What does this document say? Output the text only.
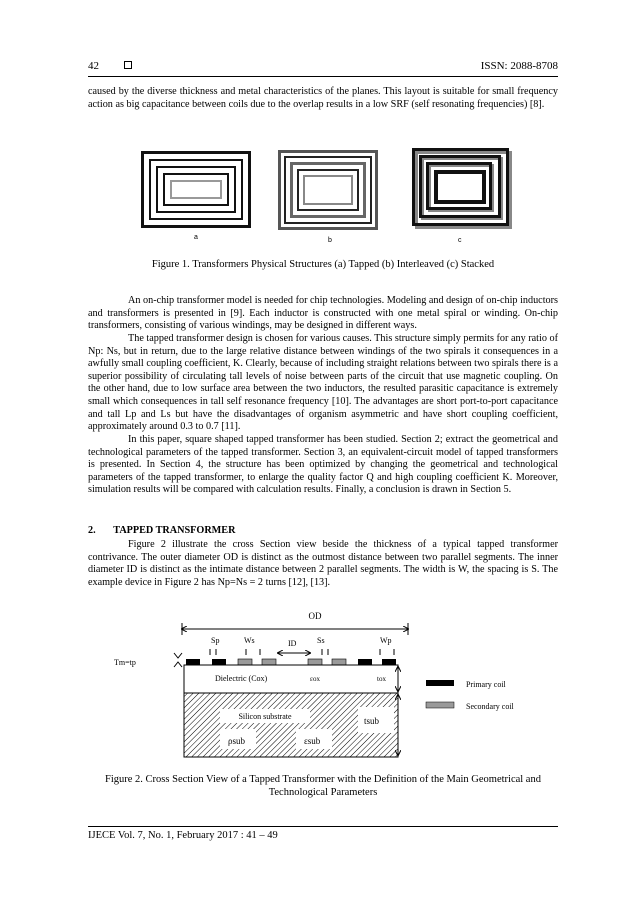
42	ISSN: 2088-8708

caused by the diverse thickness and metal characteristics of the planes. This layout is suitable for small frequency action as big capacitance between coils due to the overlap results in a low SRF (self resonating frequencies) [8].

a	b	c

Figure 1. Transformers Physical Structures (a) Tapped (b) Interleaved (c) Stacked

An on-chip transformer model is needed for chip technologies. Modeling and design of on-chip inductors and transformers is presented in [9]. Each inductor is constructed with one metal spiral or winding. On-chip transformers, consisting of various windings, may be designed in different ways.

The tapped transformer design is chosen for various causes. This structure simply permits for any ratio of Np: Ns, but in return, due to the large relative distance between windings of the two spirals it consequences in a awfully small coupling coefficient, K. Clearly, because of including straight relations between two spirals there is a superior possibility of circulating tall levels of noise between parts of the circuit that use magnetic coupling. On the other hand, due to low surface area between the two inductors, the resulted parasitic capacitance is extremely small which consequences in tall self resonance frequency [10]. The advantages are short port-to-port capacitance and tall Lp and Ls but have the disadvantages of organism asymmetric and have short coupling coefficient, approximately around 0.3 to 0.7 [11].

In this paper, square shaped tapped transformer has been studied. Section 2; extract the geometrical and technological parameters of the tapped transformer. Section 3, an equivalent-circuit model of tapped transformers is presented. In Section 4, the structure has been optimized by changing the geometrical and technological parameters of the tapped transformer, to enlarge the quality factor Q and high coupling coefficient K. Moreover, simulation results will be compared with calculation results. Finally, a conclusion is drawn in Section 5.

2.       TAPPED TRANSFORMER

Figure 2 illustrate the cross Section view beside the thickness of a typical tapped transformer contrivance. The outer diameter OD is distinct as the outmost distance between two parallel segments. The inner diameter ID is distinct as the intimate distance between 2 parallel segments. The width is W, the spacing is S. The example device in Figure 2 has Np=Ns = 2 turns [12], [13].

OD
Sp	Ws	ID	Ss	Wp
Tm=tp
Dielectric (Cox)	εox	tox
Silicon substrate	tsub
ρsub	εsub
Primary coil
Secondary coil

Figure 2. Cross Section View of a Tapped Transformer with the Definition of the Main Geometrical and

Technological Parameters

IJECE Vol. 7, No. 1, February 2017 : 41 – 49
